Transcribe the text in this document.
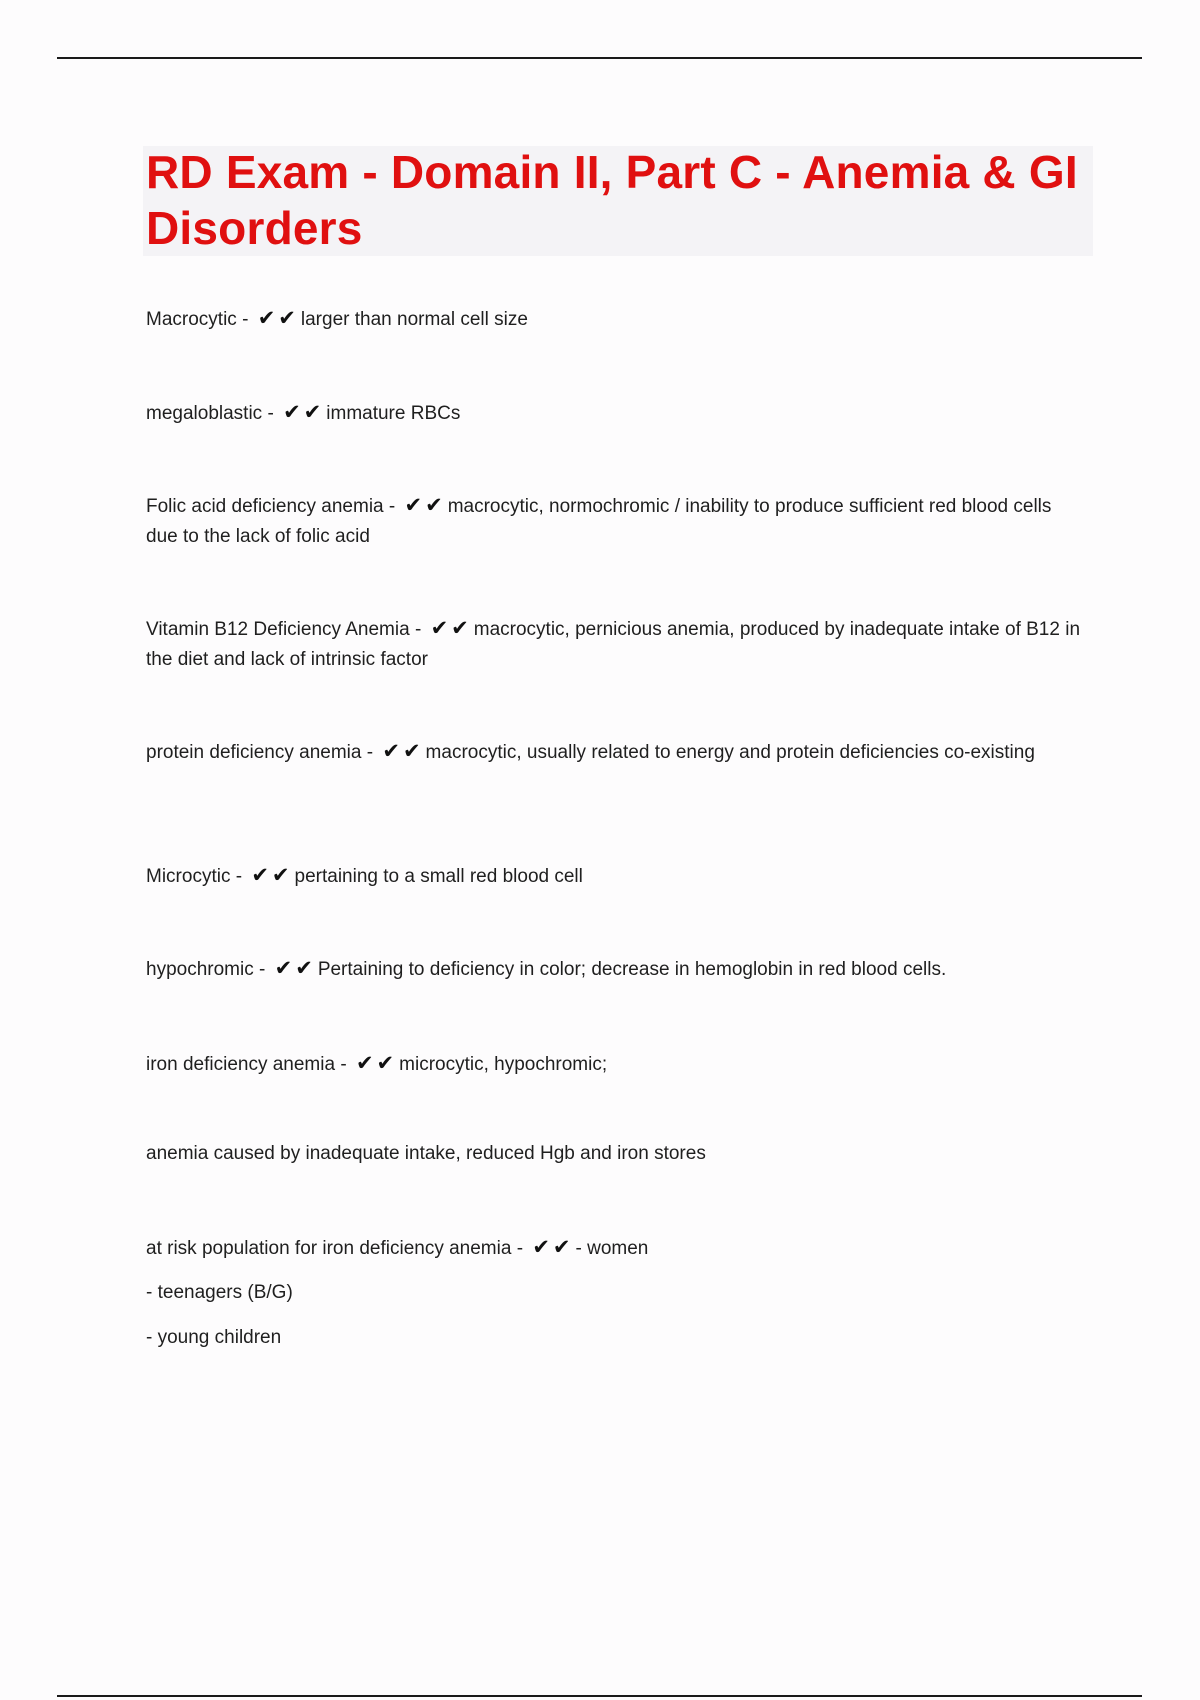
RD Exam - Domain II, Part C - Anemia & GI Disorders

Macrocytic - ✔✔ larger than normal cell size

megaloblastic - ✔✔ immature RBCs

Folic acid deficiency anemia - ✔✔ macrocytic, normochromic / inability to produce sufficient red blood cells due to the lack of folic acid

Vitamin B12 Deficiency Anemia - ✔✔ macrocytic, pernicious anemia, produced by inadequate intake of B12 in the diet and lack of intrinsic factor

protein deficiency anemia - ✔✔ macrocytic, usually related to energy and protein deficiencies co-existing

Microcytic - ✔✔ pertaining to a small red blood cell

hypochromic - ✔✔ Pertaining to deficiency in color; decrease in hemoglobin in red blood cells.

iron deficiency anemia - ✔✔ microcytic, hypochromic;

anemia caused by inadequate intake, reduced Hgb and iron stores

at risk population for iron deficiency anemia - ✔✔ - women

- teenagers (B/G)

- young children
